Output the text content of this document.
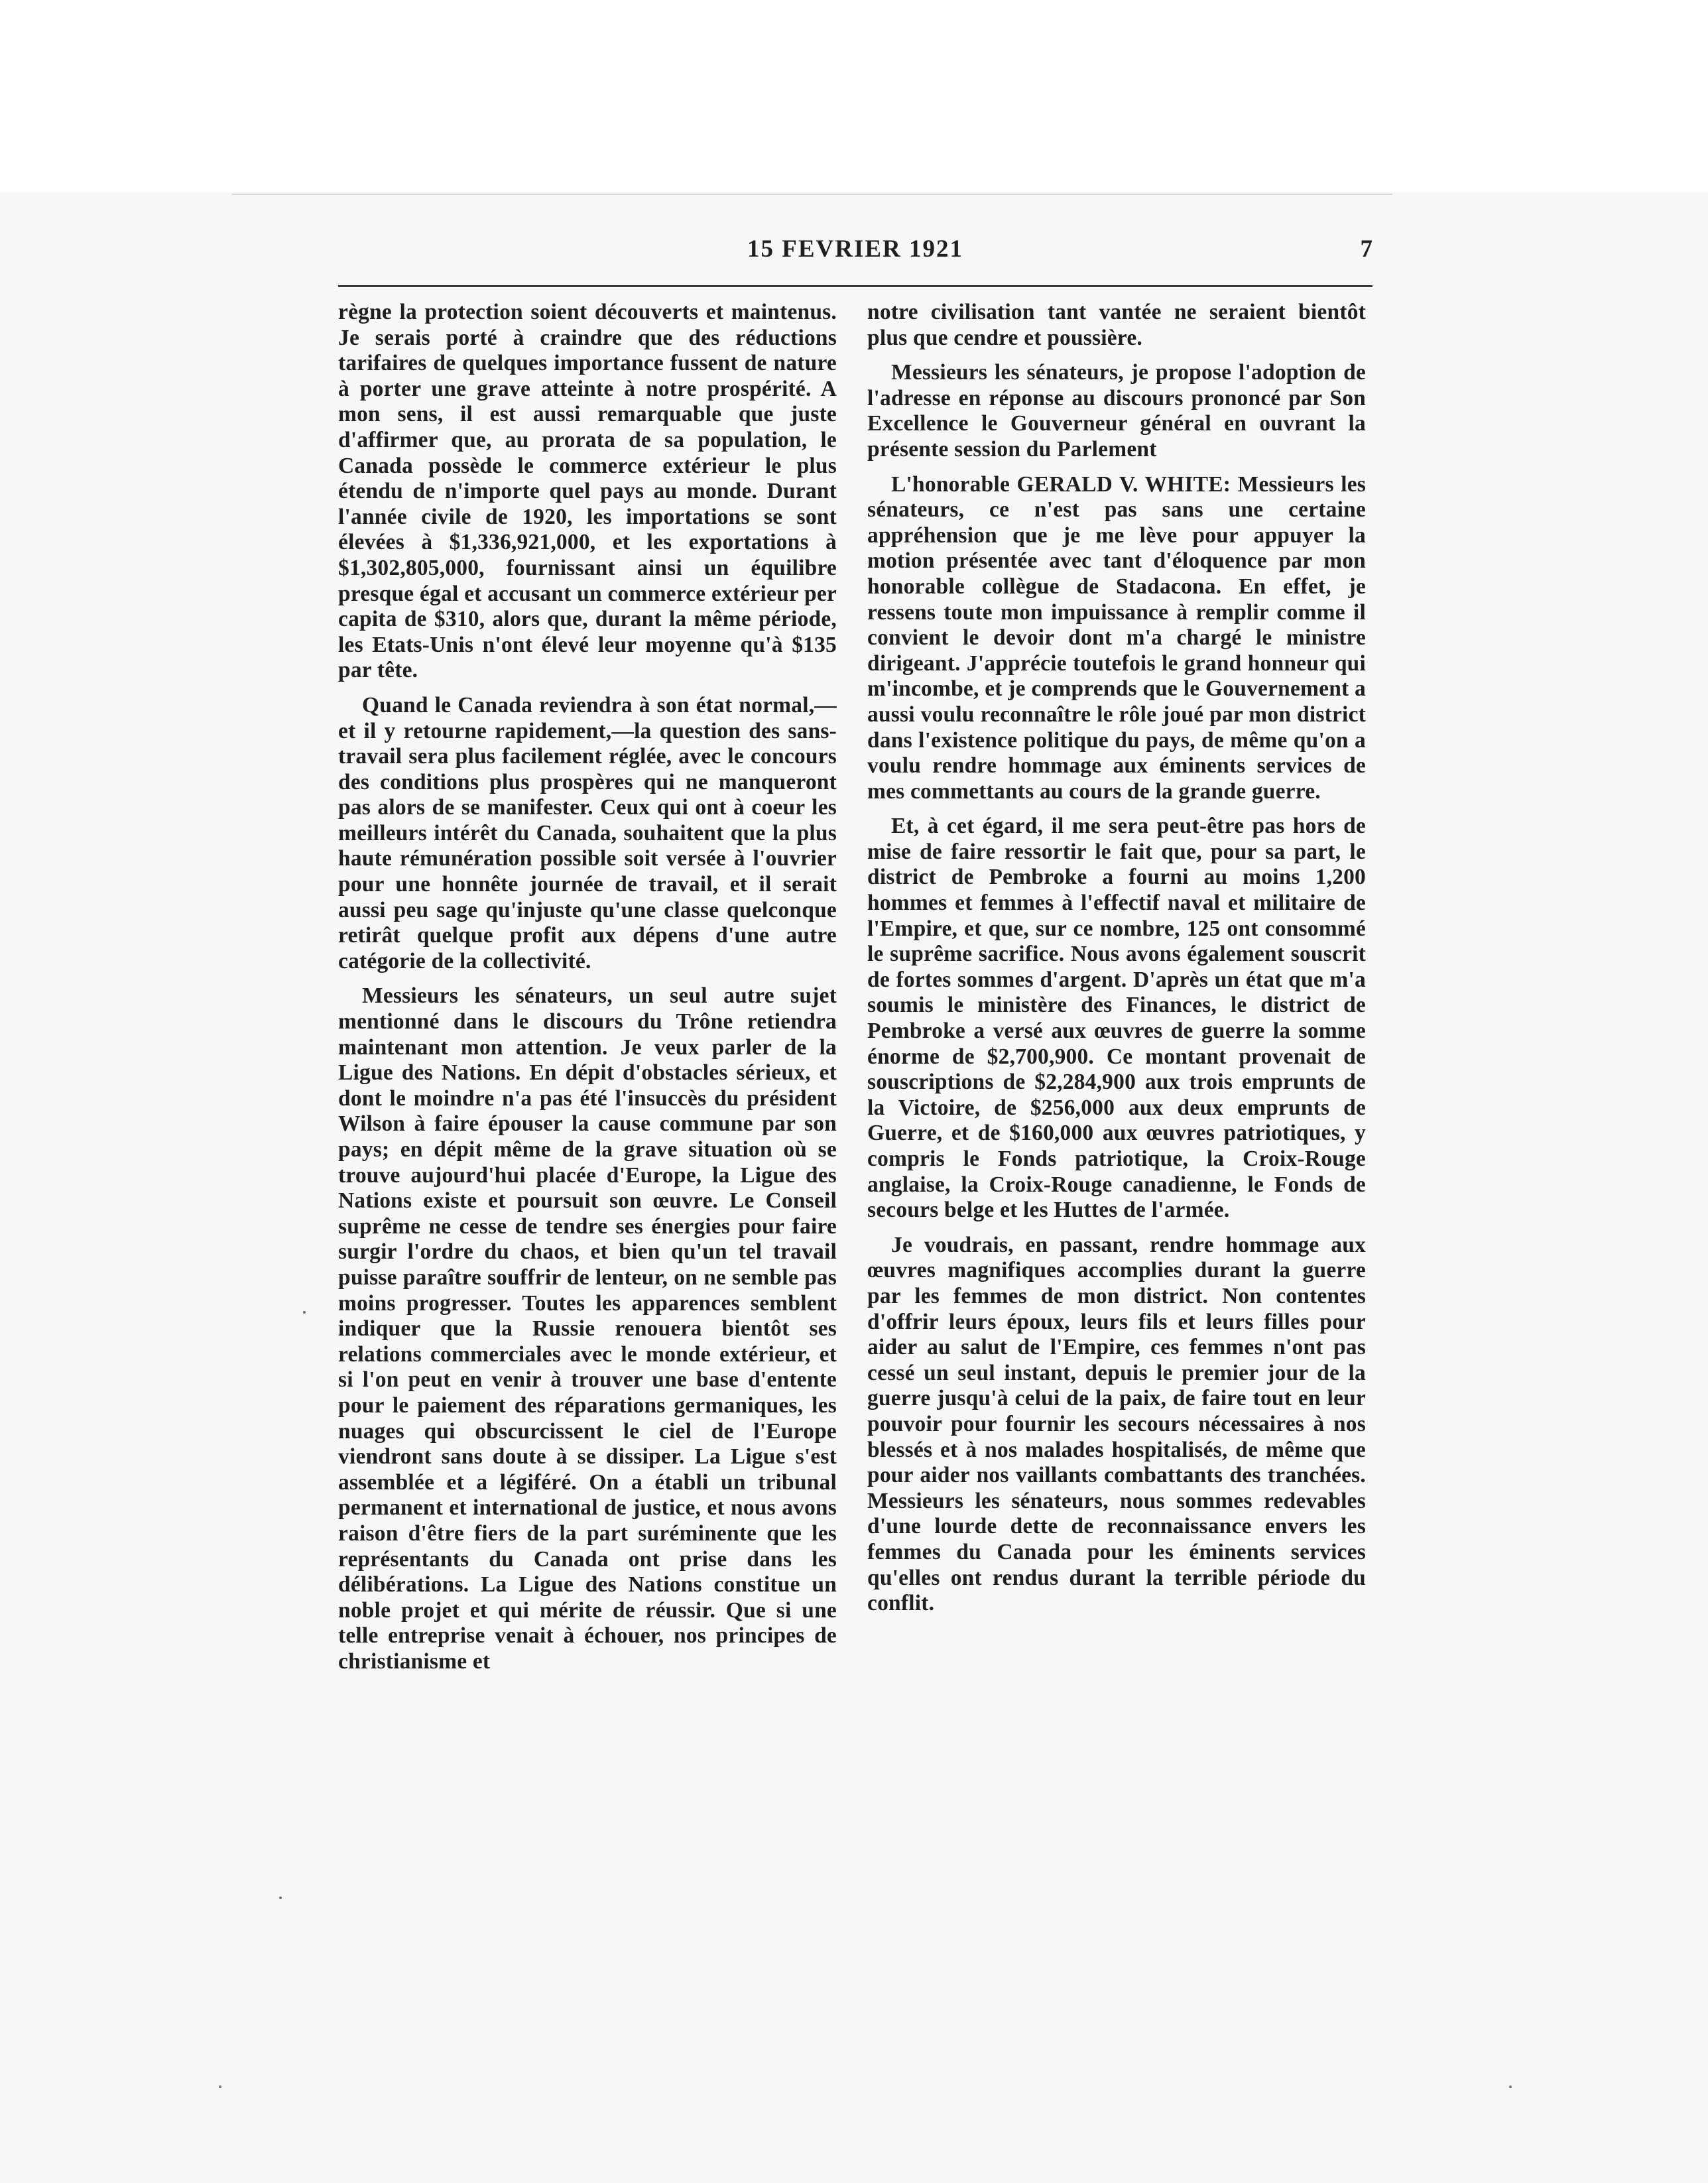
15 FEVRIER 1921	7

règne la protection soient découverts et maintenus. Je serais porté à craindre que des réductions tarifaires de quelques importance fussent de nature à porter une grave atteinte à notre prospérité. A mon sens, il est aussi remarquable que juste d'affirmer que, au prorata de sa population, le Canada possède le commerce extérieur le plus étendu de n'importe quel pays au monde. Durant l'année civile de 1920, les importations se sont élevées à $1,336,921,000, et les exportations à $1,302,805,000, fournissant ainsi un équilibre presque égal et accusant un commerce extérieur per capita de $310, alors que, durant la même période, les Etats-Unis n'ont élevé leur moyenne qu'à $135 par tête.

Quand le Canada reviendra à son état normal,—et il y retourne rapidement,—la question des sans-travail sera plus facilement réglée, avec le concours des conditions plus prospères qui ne manqueront pas alors de se manifester. Ceux qui ont à coeur les meilleurs intérêt du Canada, souhaitent que la plus haute rémunération possible soit versée à l'ouvrier pour une honnête journée de travail, et il serait aussi peu sage qu'injuste qu'une classe quelconque retirât quelque profit aux dépens d'une autre catégorie de la collectivité.

Messieurs les sénateurs, un seul autre sujet mentionné dans le discours du Trône retiendra maintenant mon attention. Je veux parler de la Ligue des Nations. En dépit d'obstacles sérieux, et dont le moindre n'a pas été l'insuccès du président Wilson à faire épouser la cause commune par son pays; en dépit même de la grave situation où se trouve aujourd'hui placée d'Europe, la Ligue des Nations existe et poursuit son œuvre. Le Conseil suprême ne cesse de tendre ses énergies pour faire surgir l'ordre du chaos, et bien qu'un tel travail puisse paraître souffrir de lenteur, on ne semble pas moins progresser. Toutes les apparences semblent indiquer que la Russie renouera bientôt ses relations commerciales avec le monde extérieur, et si l'on peut en venir à trouver une base d'entente pour le paiement des réparations germaniques, les nuages qui obscurcissent le ciel de l'Europe viendront sans doute à se dissiper. La Ligue s'est assemblée et a légiféré. On a établi un tribunal permanent et international de justice, et nous avons raison d'être fiers de la part suréminente que les représentants du Canada ont prise dans les délibérations. La Ligue des Nations constitue un noble projet et qui mérite de réussir. Que si une telle entreprise venait à échouer, nos principes de christianisme et

notre civilisation tant vantée ne seraient bientôt plus que cendre et poussière.

Messieurs les sénateurs, je propose l'adoption de l'adresse en réponse au discours prononcé par Son Excellence le Gouverneur général en ouvrant la présente session du Parlement

L'honorable GERALD V. WHITE: Messieurs les sénateurs, ce n'est pas sans une certaine appréhension que je me lève pour appuyer la motion présentée avec tant d'éloquence par mon honorable collègue de Stadacona. En effet, je ressens toute mon impuissance à remplir comme il convient le devoir dont m'a chargé le ministre dirigeant. J'apprécie toutefois le grand honneur qui m'incombe, et je comprends que le Gouvernement a aussi voulu reconnaître le rôle joué par mon district dans l'existence politique du pays, de même qu'on a voulu rendre hommage aux éminents services de mes commettants au cours de la grande guerre.

Et, à cet égard, il me sera peut-être pas hors de mise de faire ressortir le fait que, pour sa part, le district de Pembroke a fourni au moins 1,200 hommes et femmes à l'effectif naval et militaire de l'Empire, et que, sur ce nombre, 125 ont consommé le suprême sacrifice. Nous avons également souscrit de fortes sommes d'argent. D'après un état que m'a soumis le ministère des Finances, le district de Pembroke a versé aux œuvres de guerre la somme énorme de $2,700,900. Ce montant provenait de souscriptions de $2,284,900 aux trois emprunts de la Victoire, de $256,000 aux deux emprunts de Guerre, et de $160,000 aux œuvres patriotiques, y compris le Fonds patriotique, la Croix-Rouge anglaise, la Croix-Rouge canadienne, le Fonds de secours belge et les Huttes de l'armée.

Je voudrais, en passant, rendre hommage aux œuvres magnifiques accomplies durant la guerre par les femmes de mon district. Non contentes d'offrir leurs époux, leurs fils et leurs filles pour aider au salut de l'Empire, ces femmes n'ont pas cessé un seul instant, depuis le premier jour de la guerre jusqu'à celui de la paix, de faire tout en leur pouvoir pour fournir les secours nécessaires à nos blessés et à nos malades hospitalisés, de même que pour aider nos vaillants combattants des tranchées. Messieurs les sénateurs, nous sommes redevables d'une lourde dette de reconnaissance envers les femmes du Canada pour les éminents services qu'elles ont rendus durant la terrible période du conflit.
